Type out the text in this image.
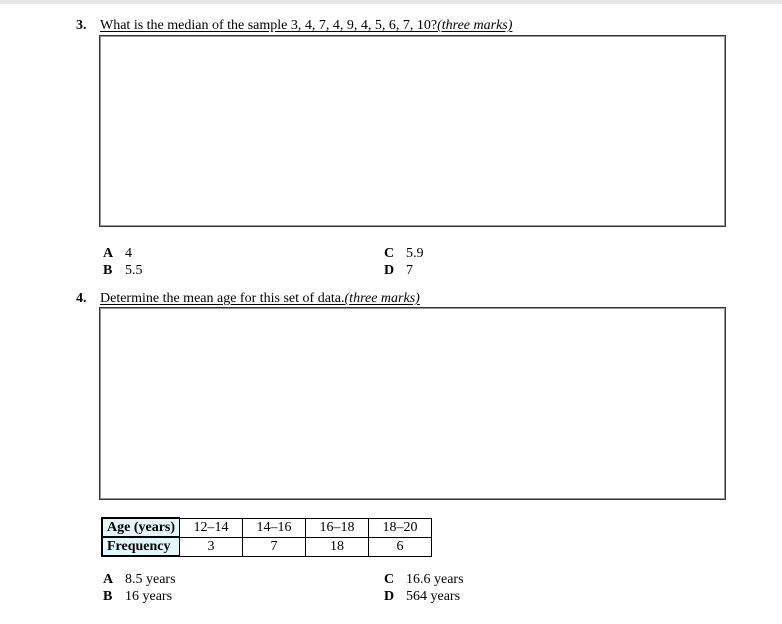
3. What is the median of the sample 3, 4, 7, 4, 9, 4, 5, 6, 7, 10?(three marks)
A 4
B 5.5
C 5.9
D 7
4. Determine the mean age for this set of data.(three marks)
Age (years)	12–14	14–16	16–18	18–20
Frequency	3	7	18	6
A 8.5 years
B 16 years
C 16.6 years
D 564 years
